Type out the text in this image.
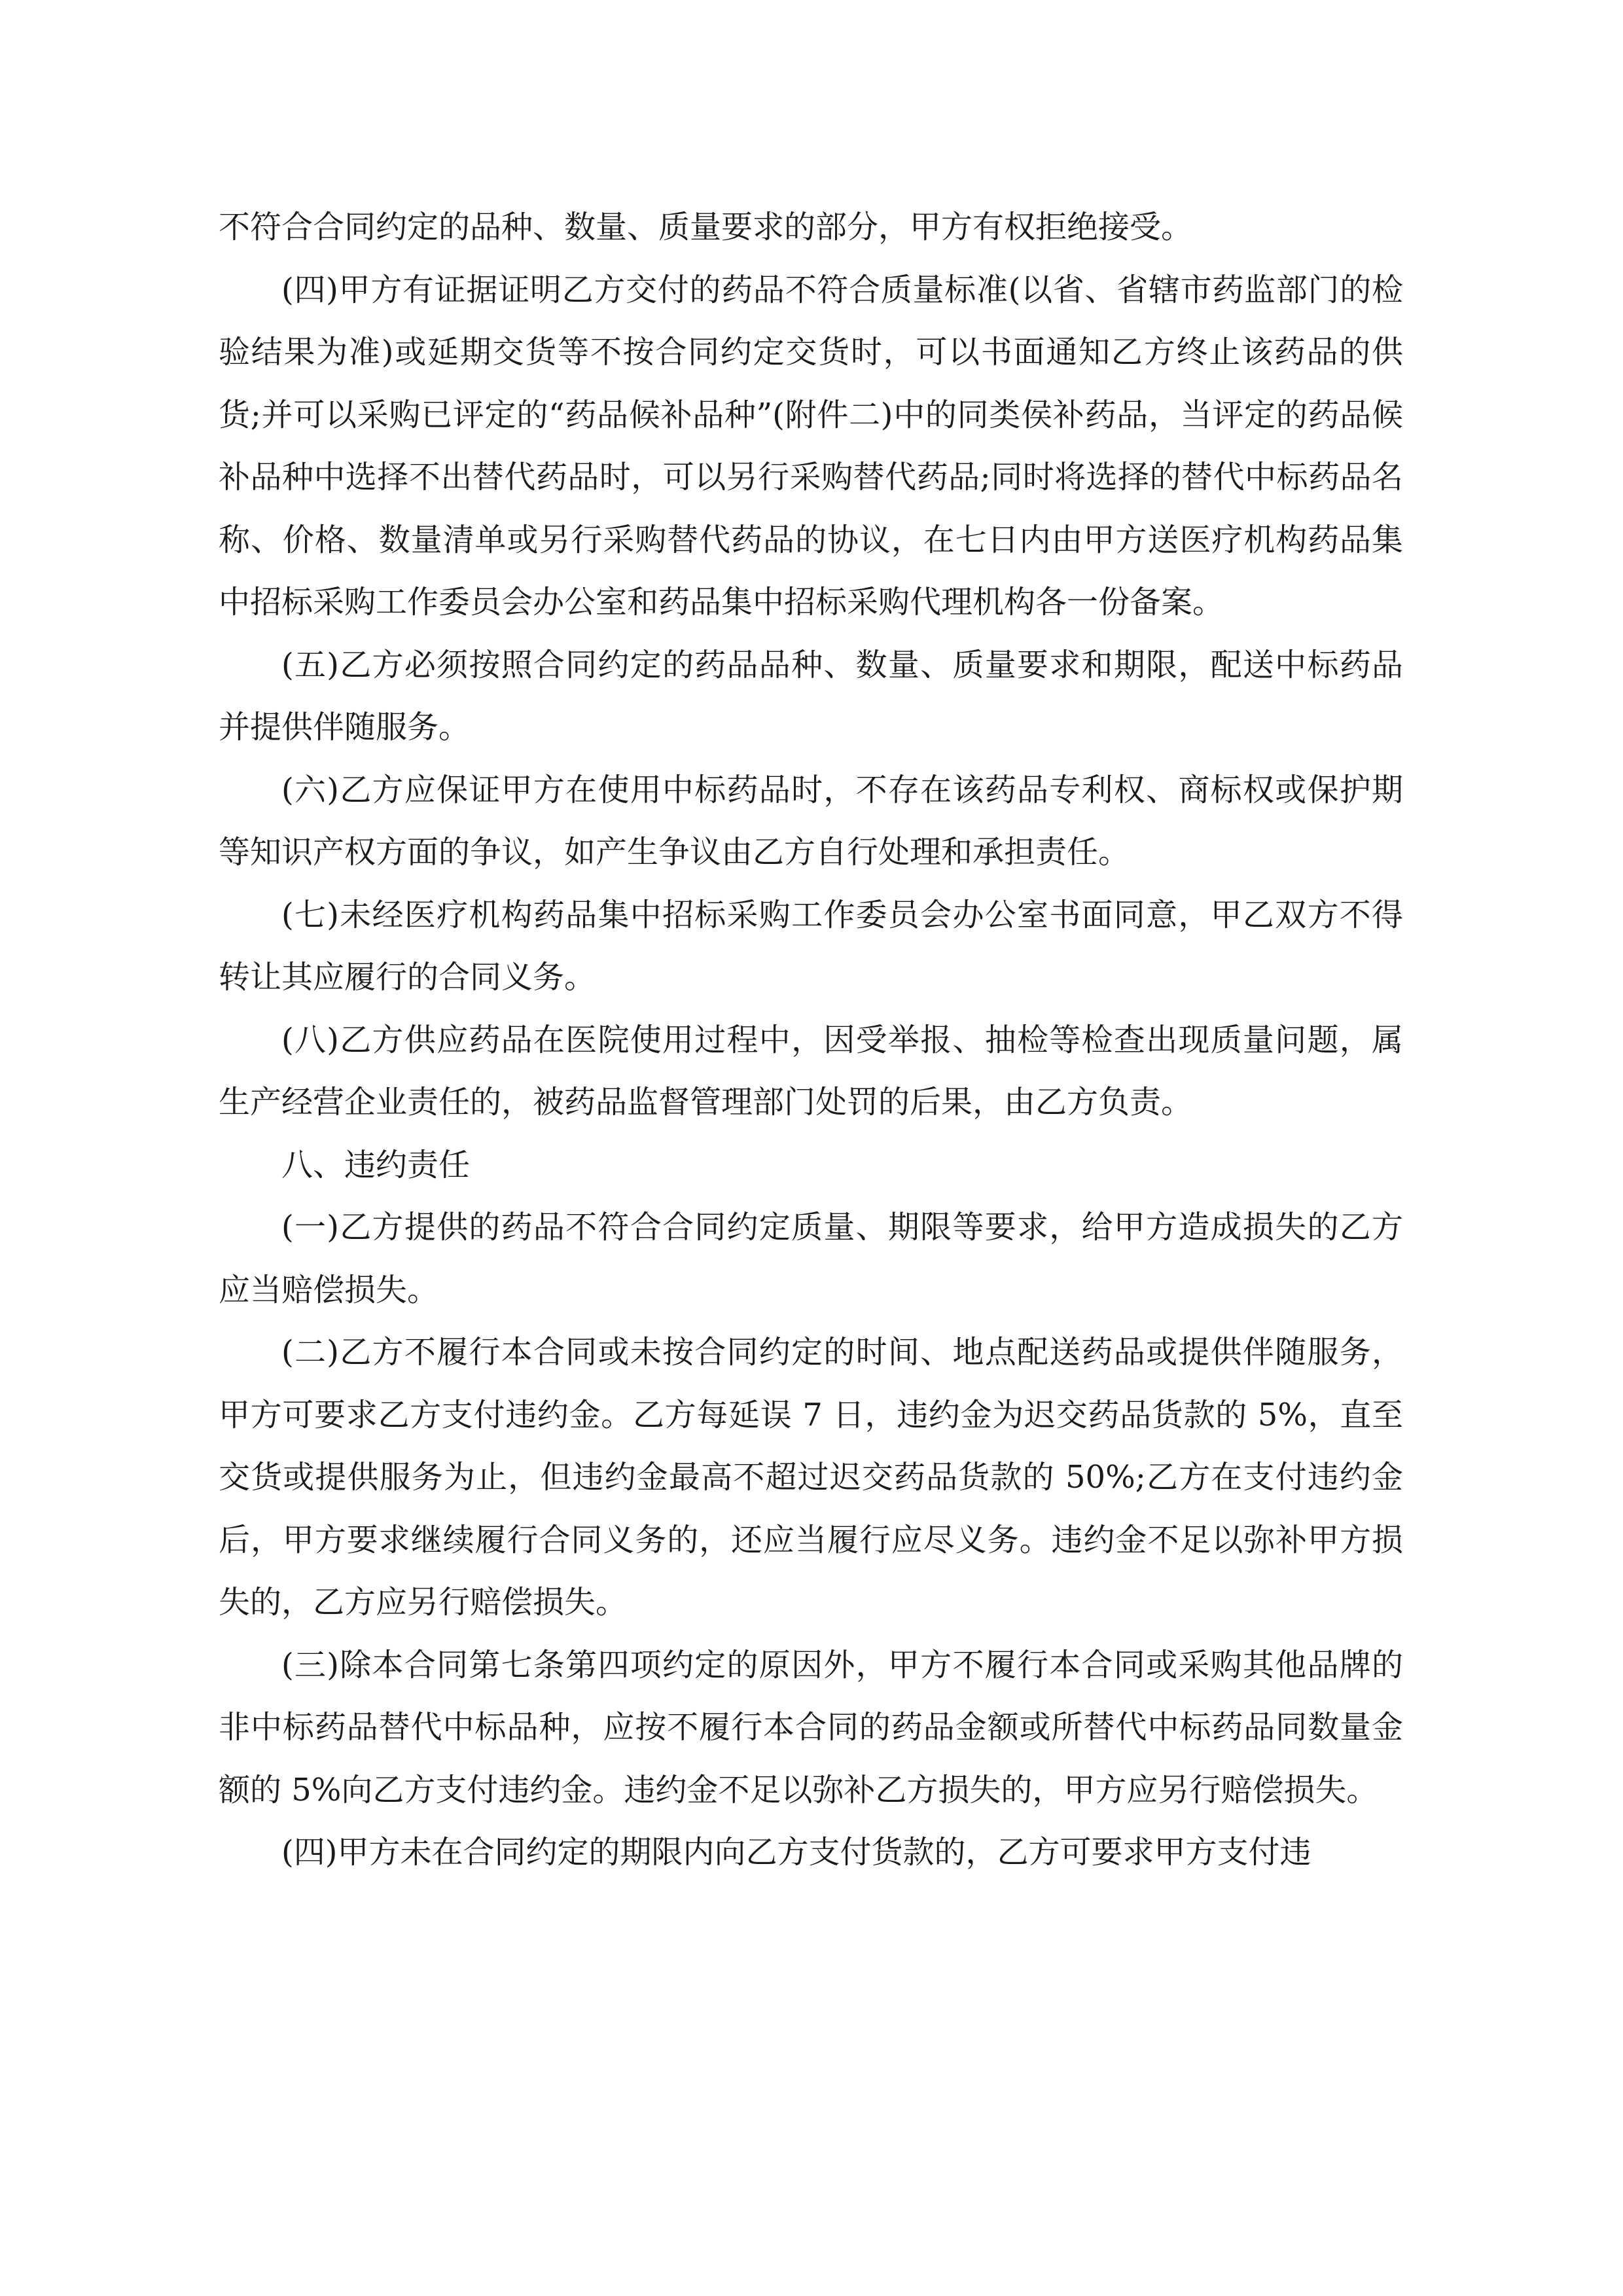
不符合合同约定的品种、数量、质量要求的部分，甲方有权拒绝接受。

(四)甲方有证据证明乙方交付的药品不符合质量标准(以省、省辖市药监部门的检验结果为准)或延期交货等不按合同约定交货时，可以书面通知乙方终止该药品的供货;并可以采购已评定的“药品候补品种”(附件二)中的同类侯补药品，当评定的药品候补品种中选择不出替代药品时，可以另行采购替代药品;同时将选择的替代中标药品名称、价格、数量清单或另行采购替代药品的协议，在七日内由甲方送医疗机构药品集中招标采购工作委员会办公室和药品集中招标采购代理机构各一份备案。

(五)乙方必须按照合同约定的药品品种、数量、质量要求和期限，配送中标药品并提供伴随服务。

(六)乙方应保证甲方在使用中标药品时，不存在该药品专利权、商标权或保护期等知识产权方面的争议，如产生争议由乙方自行处理和承担责任。

(七)未经医疗机构药品集中招标采购工作委员会办公室书面同意，甲乙双方不得转让其应履行的合同义务。

(八)乙方供应药品在医院使用过程中，因受举报、抽检等检查出现质量问题，属生产经营企业责任的，被药品监督管理部门处罚的后果，由乙方负责。

八、违约责任

(一)乙方提供的药品不符合合同约定质量、期限等要求，给甲方造成损失的乙方应当赔偿损失。

(二)乙方不履行本合同或未按合同约定的时间、地点配送药品或提供伴随服务，甲方可要求乙方支付违约金。乙方每延误 7 日，违约金为迟交药品货款的 5%，直至交货或提供服务为止，但违约金最高不超过迟交药品货款的 50%;乙方在支付违约金后，甲方要求继续履行合同义务的，还应当履行应尽义务。违约金不足以弥补甲方损失的，乙方应另行赔偿损失。

(三)除本合同第七条第四项约定的原因外，甲方不履行本合同或采购其他品牌的非中标药品替代中标品种，应按不履行本合同的药品金额或所替代中标药品同数量金额的 5%向乙方支付违约金。违约金不足以弥补乙方损失的，甲方应另行赔偿损失。

(四)甲方未在合同约定的期限内向乙方支付货款的，乙方可要求甲方支付违
